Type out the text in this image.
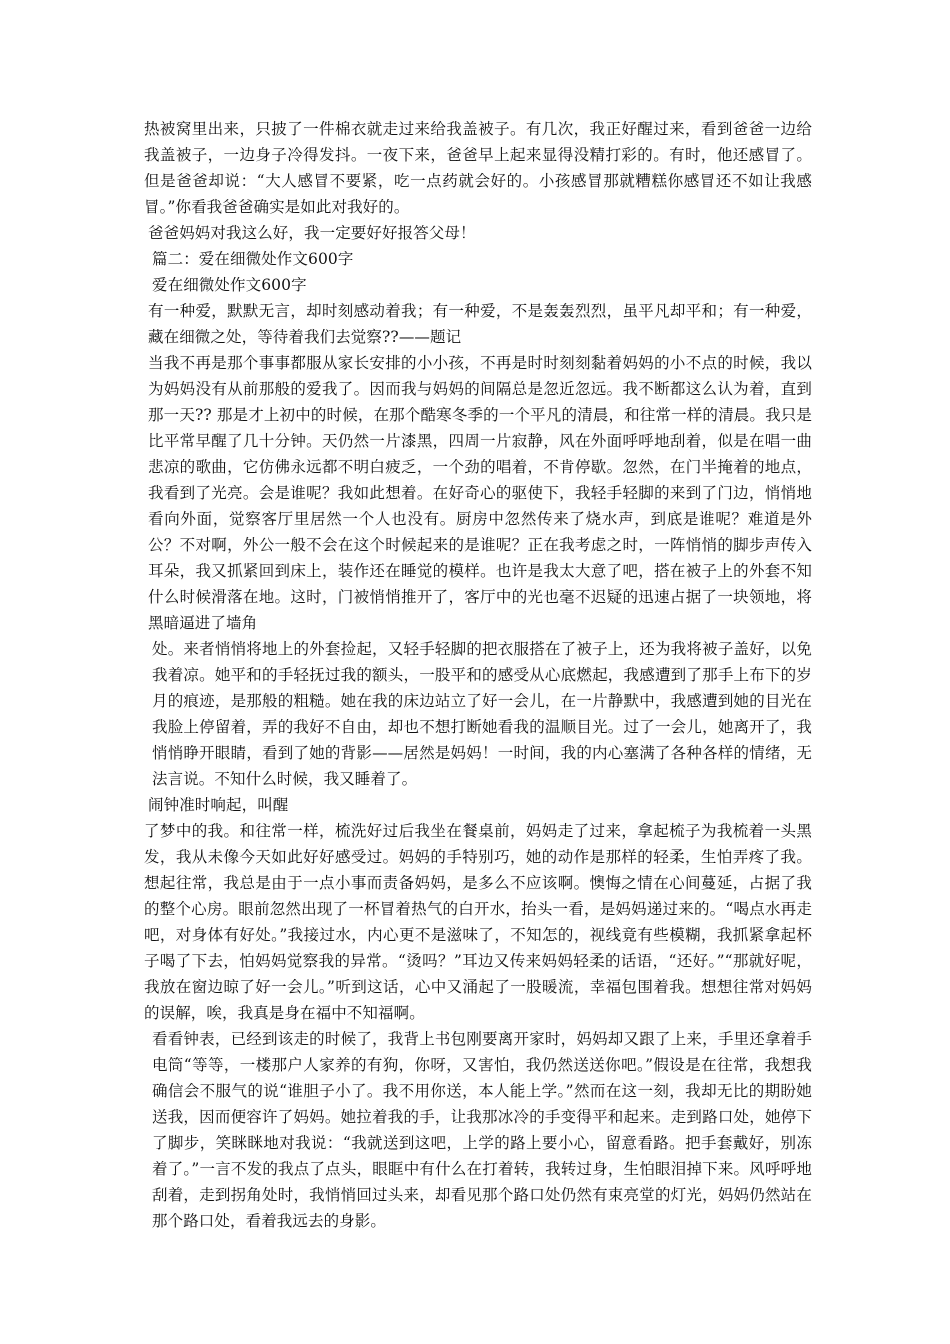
热被窝里出来，只披了一件棉衣就走过来给我盖被子。有几次，我正好醒过来，看到爸爸一边给我盖被子，一边身子冷得发抖。一夜下来，爸爸早上起来显得没精打彩的。有时，他还感冒了。但是爸爸却说：“大人感冒不要紧，吃一点药就会好的。小孩感冒那就糟糕你感冒还不如让我感冒。”你看我爸爸确实是如此对我好的。

爸爸妈妈对我这么好，我一定要好好报答父母！

篇二：爱在细微处作文600字

爱在细微处作文600字

有一种爱，默默无言，却时刻感动着我；有一种爱，不是轰轰烈烈，虽平凡却平和；有一种爱，藏在细微之处，等待着我们去觉察??——题记

当我不再是那个事事都服从家长安排的小小孩，不再是时时刻刻黏着妈妈的小不点的时候，我以为妈妈没有从前那般的爱我了。因而我与妈妈的间隔总是忽近忽远。我不断都这么认为着，直到那一天?? 那是才上初中的时候，在那个酷寒冬季的一个平凡的清晨，和往常一样的清晨。我只是比平常早醒了几十分钟。天仍然一片漆黑，四周一片寂静，风在外面呼呼地刮着，似是在唱一曲悲凉的歌曲，它仿佛永远都不明白疲乏，一个劲的唱着，不肯停歇。忽然，在门半掩着的地点，我看到了光亮。会是谁呢？我如此想着。在好奇心的驱使下，我轻手轻脚的来到了门边，悄悄地看向外面，觉察客厅里居然一个人也没有。厨房中忽然传来了烧水声，到底是谁呢？难道是外公？不对啊，外公一般不会在这个时候起来的是谁呢？正在我考虑之时，一阵悄悄的脚步声传入耳朵，我又抓紧回到床上，装作还在睡觉的模样。也许是我太大意了吧，搭在被子上的外套不知什么时候滑落在地。这时，门被悄悄推开了，客厅中的光也毫不迟疑的迅速占据了一块领地，将黑暗逼进了墙角

处。来者悄悄将地上的外套捡起，又轻手轻脚的把衣服搭在了被子上，还为我将被子盖好，以免我着凉。她平和的手轻抚过我的额头，一股平和的感受从心底燃起，我感遭到了那手上布下的岁月的痕迹，是那般的粗糙。她在我的床边站立了好一会儿，在一片静默中，我感遭到她的目光在我脸上停留着，弄的我好不自由，却也不想打断她看我的温顺目光。过了一会儿，她离开了，我悄悄睁开眼睛，看到了她的背影——居然是妈妈！一时间，我的内心塞满了各种各样的情绪，无法言说。不知什么时候，我又睡着了。

闹钟准时响起，叫醒

了梦中的我。和往常一样，梳洗好过后我坐在餐桌前，妈妈走了过来，拿起梳子为我梳着一头黑发，我从未像今天如此好好感受过。妈妈的手特别巧，她的动作是那样的轻柔，生怕弄疼了我。想起往常，我总是由于一点小事而责备妈妈，是多么不应该啊。懊悔之情在心间蔓延，占据了我的整个心房。眼前忽然出现了一杯冒着热气的白开水，抬头一看，是妈妈递过来的。“喝点水再走吧，对身体有好处。”我接过水，内心更不是滋味了，不知怎的，视线竟有些模糊，我抓紧拿起杯子喝了下去，怕妈妈觉察我的异常。“烫吗？”耳边又传来妈妈轻柔的话语，“还好。”“那就好呢，我放在窗边晾了好一会儿。”听到这话，心中又涌起了一股暖流，幸福包围着我。想想往常对妈妈的误解，唉，我真是身在福中不知福啊。

看看钟表，已经到该走的时候了，我背上书包刚要离开家时，妈妈却又跟了上来，手里还拿着手电筒“等等，一楼那户人家养的有狗，你呀，又害怕，我仍然送送你吧。”假设是在往常，我想我确信会不服气的说“谁胆子小了。我不用你送，本人能上学。”然而在这一刻，我却无比的期盼她送我，因而便容许了妈妈。她拉着我的手，让我那冰冷的手变得平和起来。走到路口处，她停下了脚步，笑眯眯地对我说：“我就送到这吧，上学的路上要小心，留意看路。把手套戴好，别冻着了。”一言不发的我点了点头，眼眶中有什么在打着转，我转过身，生怕眼泪掉下来。风呼呼地刮着，走到拐角处时，我悄悄回过头来，却看见那个路口处仍然有束亮堂的灯光，妈妈仍然站在那个路口处，看着我远去的身影。
